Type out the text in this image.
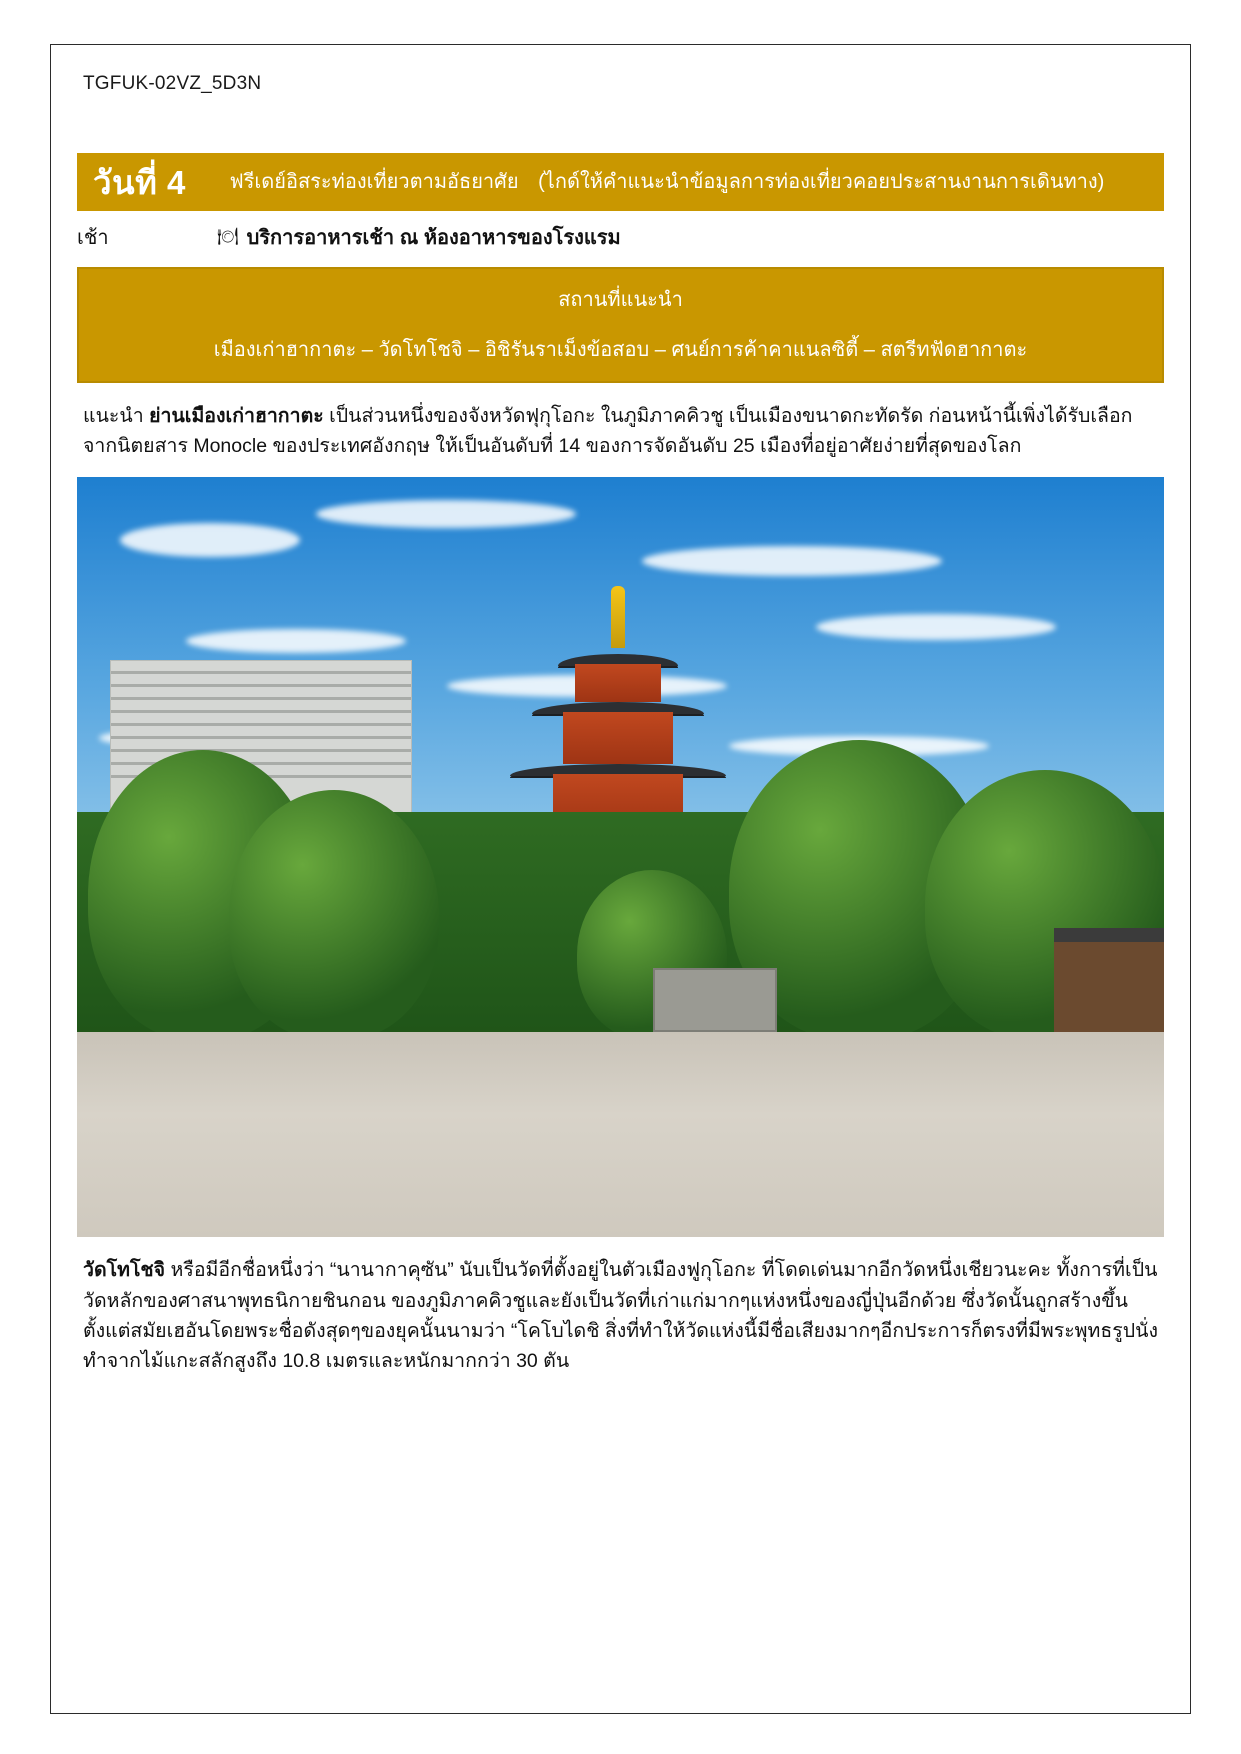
TGFUK-02VZ_5D3N
วันที่ 4	ฟรีเดย์อิสระท่องเที่ยวตามอัธยาศัย (ไกด์ให้คำแนะนำข้อมูลการท่องเที่ยวคอยประสานงานการเดินทาง)
เช้า	🍽 บริการอาหารเช้า ณ ห้องอาหารของโรงแรม
สถานที่แนะนำ
เมืองเก่าฮากาตะ – วัดโทโชจิ – อิชิรันราเม็งข้อสอบ – ศนย์การค้าคาแนลซิตี้ – สตรีทฟัดฮากาตะ
แนะนำ ย่านเมืองเก่าฮากาตะ เป็นส่วนหนึ่งของจังหวัดฟุกุโอกะ ในภูมิภาคคิวชู เป็นเมืองขนาดกะทัดรัด ก่อนหน้านี้เพิ่งได้รับเลือกจากนิตยสาร Monocle ของประเทศอังกฤษ ให้เป็นอันดับที่ 14 ของการจัดอันดับ 25 เมืองที่อยู่อาศัยง่ายที่สุดของโลก
วัดโทโชจิ หรือมีอีกชื่อหนึ่งว่า “นานากาคุซัน” นับเป็นวัดที่ตั้งอยู่ในตัวเมืองฟูกุโอกะ ที่โดดเด่นมากอีกวัดหนึ่งเชียวนะคะ ทั้งการที่เป็นวัดหลักของศาสนาพุทธนิกายชินกอน ของภูมิภาคคิวชูและยังเป็นวัดที่เก่าแก่มากๆแห่งหนึ่งของญี่ปุ่นอีกด้วย ซึ่งวัดนั้นถูกสร้างขึ้นตั้งแต่สมัยเฮอันโดยพระชื่อดังสุดๆของยุคนั้นนามว่า “โคโบไดชิ สิ่งที่ทำให้วัดแห่งนี้มีชื่อเสียงมากๆอีกประการก็ตรงที่มีพระพุทธรูปนั่งทำจากไม้แกะสลักสูงถึง 10.8 เมตรและหนักมากกว่า 30 ตัน
